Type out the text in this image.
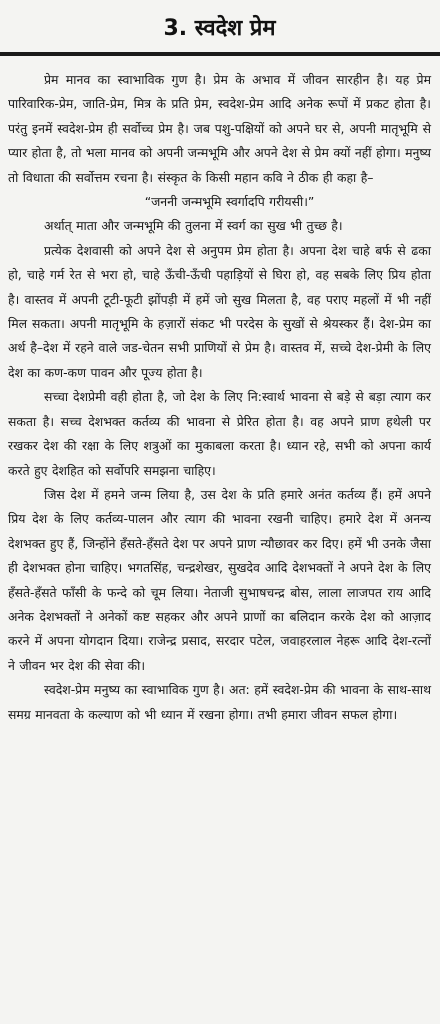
3. स्वदेश प्रेम

प्रेम मानव का स्वाभाविक गुण है। प्रेम के अभाव में जीवन सारहीन है। यह प्रेम पारिवारिक-प्रेम, जाति-प्रेम, मित्र के प्रति प्रेम, स्वदेश-प्रेम आदि अनेक रूपों में प्रकट होता है। परंतु इनमें स्वदेश-प्रेम ही सर्वोच्च प्रेम है। जब पशु-पक्षियों को अपने घर से, अपनी मातृभूमि से प्यार होता है, तो भला मानव को अपनी जन्मभूमि और अपने देश से प्रेम क्यों नहीं होगा। मनुष्य तो विधाता की सर्वोत्तम रचना है। संस्कृत के किसी महान कवि ने ठीक ही कहा है–

“जननी जन्मभूमि स्वर्गादपि गरीयसी।”

अर्थात् माता और जन्मभूमि की तुलना में स्वर्ग का सुख भी तुच्छ है।

प्रत्येक देशवासी को अपने देश से अनुपम प्रेम होता है। अपना देश चाहे बर्फ से ढका हो, चाहे गर्म रेत से भरा हो, चाहे ऊँची-ऊँची पहाड़ियों से घिरा हो, वह सबके लिए प्रिय होता है। वास्तव में अपनी टूटी-फूटी झोंपड़ी में हमें जो सुख मिलता है, वह पराए महलों में भी नहीं मिल सकता। अपनी मातृभूमि के हज़ारों संकट भी परदेस के सुखों से श्रेयस्कर हैं। देश-प्रेम का अर्थ है–देश में रहने वाले जड-चेतन सभी प्राणियों से प्रेम है। वास्तव में, सच्चे देश-प्रेमी के लिए देश का कण-कण पावन और पूज्य होता है।

सच्चा देशप्रेमी वही होता है, जो देश के लिए नि:स्वार्थ भावना से बड़े से बड़ा त्याग कर सकता है। सच्च देशभक्त कर्तव्य की भावना से प्रेरित होता है। वह अपने प्राण हथेली पर रखकर देश की रक्षा के लिए शत्रुओं का मुकाबला करता है। ध्यान रहे, सभी को अपना कार्य करते हुए देशहित को सर्वोपरि समझना चाहिए।

जिस देश में हमने जन्म लिया है, उस देश के प्रति हमारे अनंत कर्तव्य हैं। हमें अपने प्रिय देश के लिए कर्तव्य-पालन और त्याग की भावना रखनी चाहिए। हमारे देश में अनन्य देशभक्त हुए हैं, जिन्होंने हँसते-हँसते देश पर अपने प्राण न्यौछावर कर दिए। हमें भी उनके जैसा ही देशभक्त होना चाहिए। भगतसिंह, चन्द्रशेखर, सुखदेव आदि देशभक्तों ने अपने देश के लिए हँसते-हँसते फाँसी के फन्दे को चूम लिया। नेताजी सुभाषचन्द्र बोस, लाला लाजपत राय आदि अनेक देशभक्तों ने अनेकों कष्ट सहकर और अपने प्राणों का बलिदान करके देश को आज़ाद करने में अपना योगदान दिया। राजेन्द्र प्रसाद, सरदार पटेल, जवाहरलाल नेहरू आदि देश-रत्नों ने जीवन भर देश की सेवा की।

स्वदेश-प्रेम मनुष्य का स्वाभाविक गुण है। अत: हमें स्वदेश-प्रेम की भावना के साथ-साथ समग्र मानवता के कल्याण को भी ध्यान में रखना होगा। तभी हमारा जीवन सफल होगा।
